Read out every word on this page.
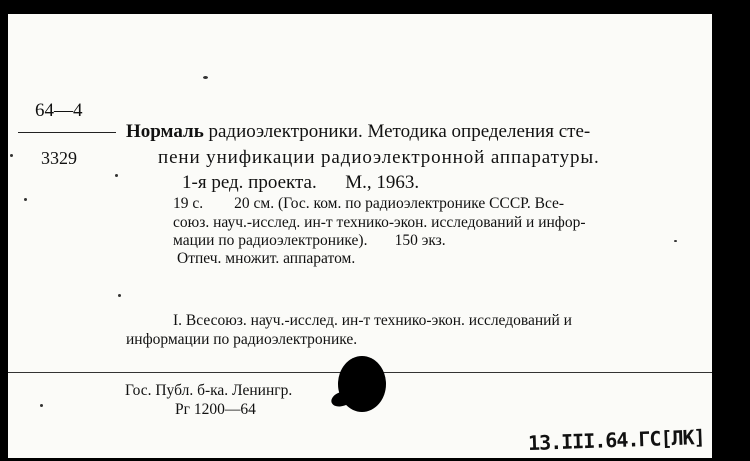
64—4
3329
Нормаль радиоэлектроники. Методика определения сте-
пени унификации радиоэлектронной аппаратуры.
1-я ред. проекта.      М., 1963.
19 с.        20 см. (Гос. ком. по радиоэлектронике СССР. Все-
союз. науч.-исслед. ин-т технико-экон. исследований и инфор-
мации по радиоэлектронике).       150 экз.
Отпеч. множит. аппаратом.
I. Всесоюз. науч.-исслед. ин-т технико-экон. исследований и
информации по радиоэлектронике.
Гос. Публ. б-ка. Ленингр.
Рг 1200—64
13.III.64.ГС[ЛК]
